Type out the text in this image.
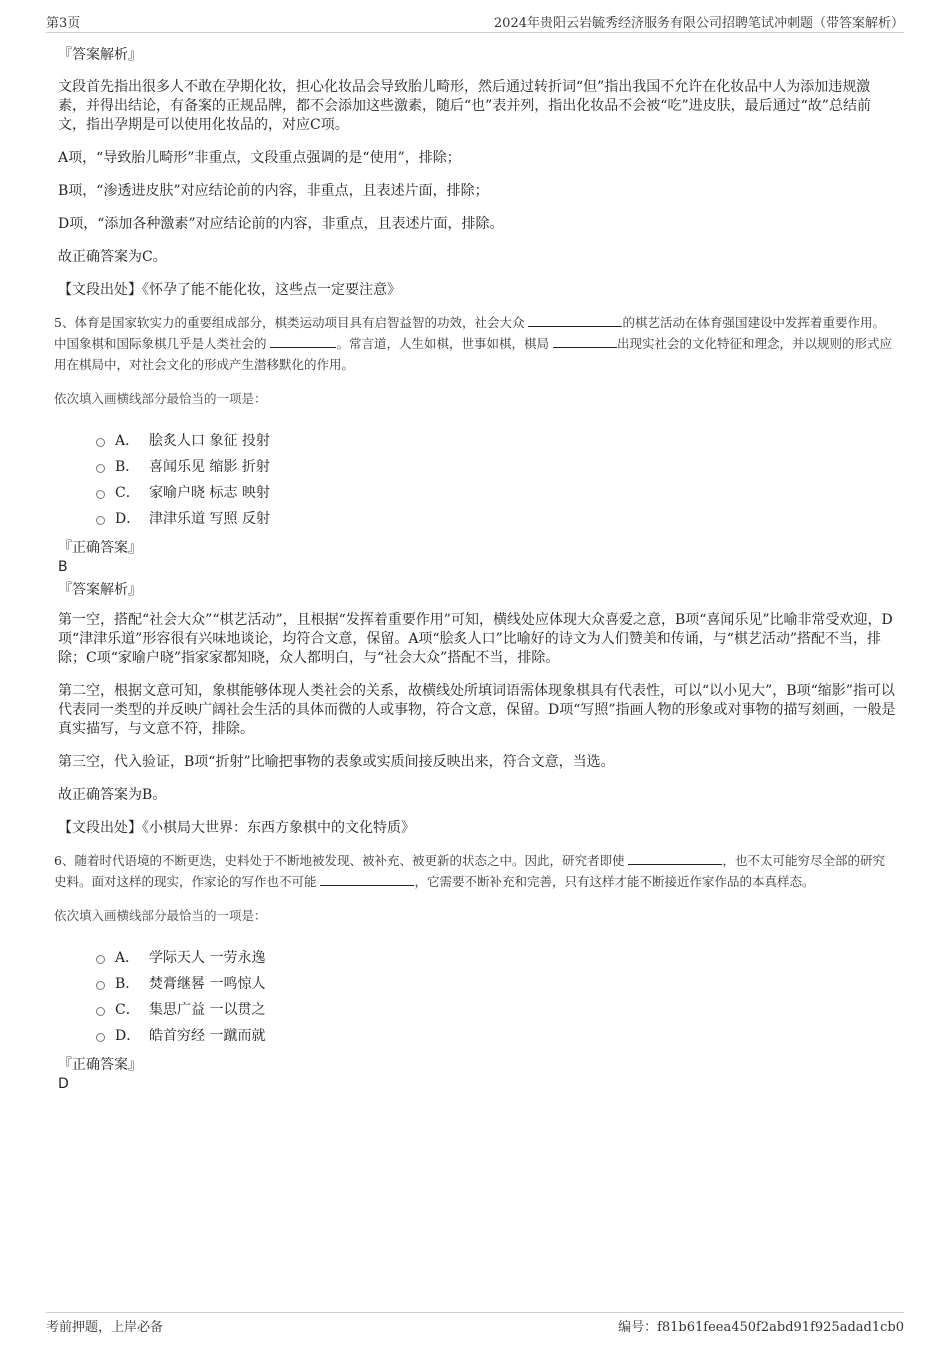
第3页	2024年贵阳云岩毓秀经济服务有限公司招聘笔试冲刺题（带答案解析）
『答案解析』
文段首先指出很多人不敢在孕期化妆，担心化妆品会导致胎儿畸形，然后通过转折词“但”指出我国不允许在化妆品中人为添加违规激素，并得出结论，有备案的正规品牌，都不会添加这些激素，随后“也”表并列，指出化妆品不会被“吃”进皮肤，最后通过“故”总结前文，指出孕期是可以使用化妆品的，对应C项。
A项，“导致胎儿畸形”非重点，文段重点强调的是“使用”，排除；
B项，“渗透进皮肤”对应结论前的内容，非重点，且表述片面，排除；
D项，“添加各种激素”对应结论前的内容，非重点，且表述片面，排除。
故正确答案为C。
【文段出处】《怀孕了能不能化妆，这些点一定要注意》
5、体育是国家软实力的重要组成部分，棋类运动项目具有启智益智的功效，社会大众	的棋艺活动在体育强国建设中发挥着重要作用。中国象棋和国际象棋几乎是人类社会的	。常言道，人生如棋，世事如棋，棋局	出现实社会的文化特征和理念，并以规则的形式应用在棋局中，对社会文化的形成产生潜移默化的作用。
依次填入画横线部分最恰当的一项是：
A． 脍炙人口 象征 投射
B． 喜闻乐见 缩影 折射
C． 家喻户晓 标志 映射
D． 津津乐道 写照 反射
『正确答案』
B
『答案解析』
第一空，搭配“社会大众”“棋艺活动”，且根据“发挥着重要作用”可知，横线处应体现大众喜爱之意，B项“喜闻乐见”比喻非常受欢迎，D项“津津乐道”形容很有兴味地谈论，均符合文意，保留。A项“脍炙人口”比喻好的诗文为人们赞美和传诵，与“棋艺活动”搭配不当，排除；C项“家喻户晓”指家家都知晓，众人都明白，与“社会大众”搭配不当，排除。
第二空，根据文意可知，象棋能够体现人类社会的关系，故横线处所填词语需体现象棋具有代表性，可以“以小见大”，B项“缩影”指可以代表同一类型的并反映广阔社会生活的具体而微的人或事物，符合文意，保留。D项“写照”指画人物的形象或对事物的描写刻画，一般是真实描写，与文意不符，排除。
第三空，代入验证，B项“折射”比喻把事物的表象或实质间接反映出来，符合文意，当选。
故正确答案为B。
【文段出处】《小棋局大世界：东西方象棋中的文化特质》
6、随着时代语境的不断更迭，史料处于不断地被发现、被补充、被更新的状态之中。因此，研究者即使	，也不太可能穷尽全部的研究史料。面对这样的现实，作家论的写作也不可能	，它需要不断补充和完善，只有这样才能不断接近作家作品的本真样态。
依次填入画横线部分最恰当的一项是：
A． 学际天人 一劳永逸
B． 焚膏继晷 一鸣惊人
C． 集思广益 一以贯之
D． 皓首穷经 一蹴而就
『正确答案』
D
考前押题，上岸必备	编号：f81b61feea450f2abd91f925adad1cb0
